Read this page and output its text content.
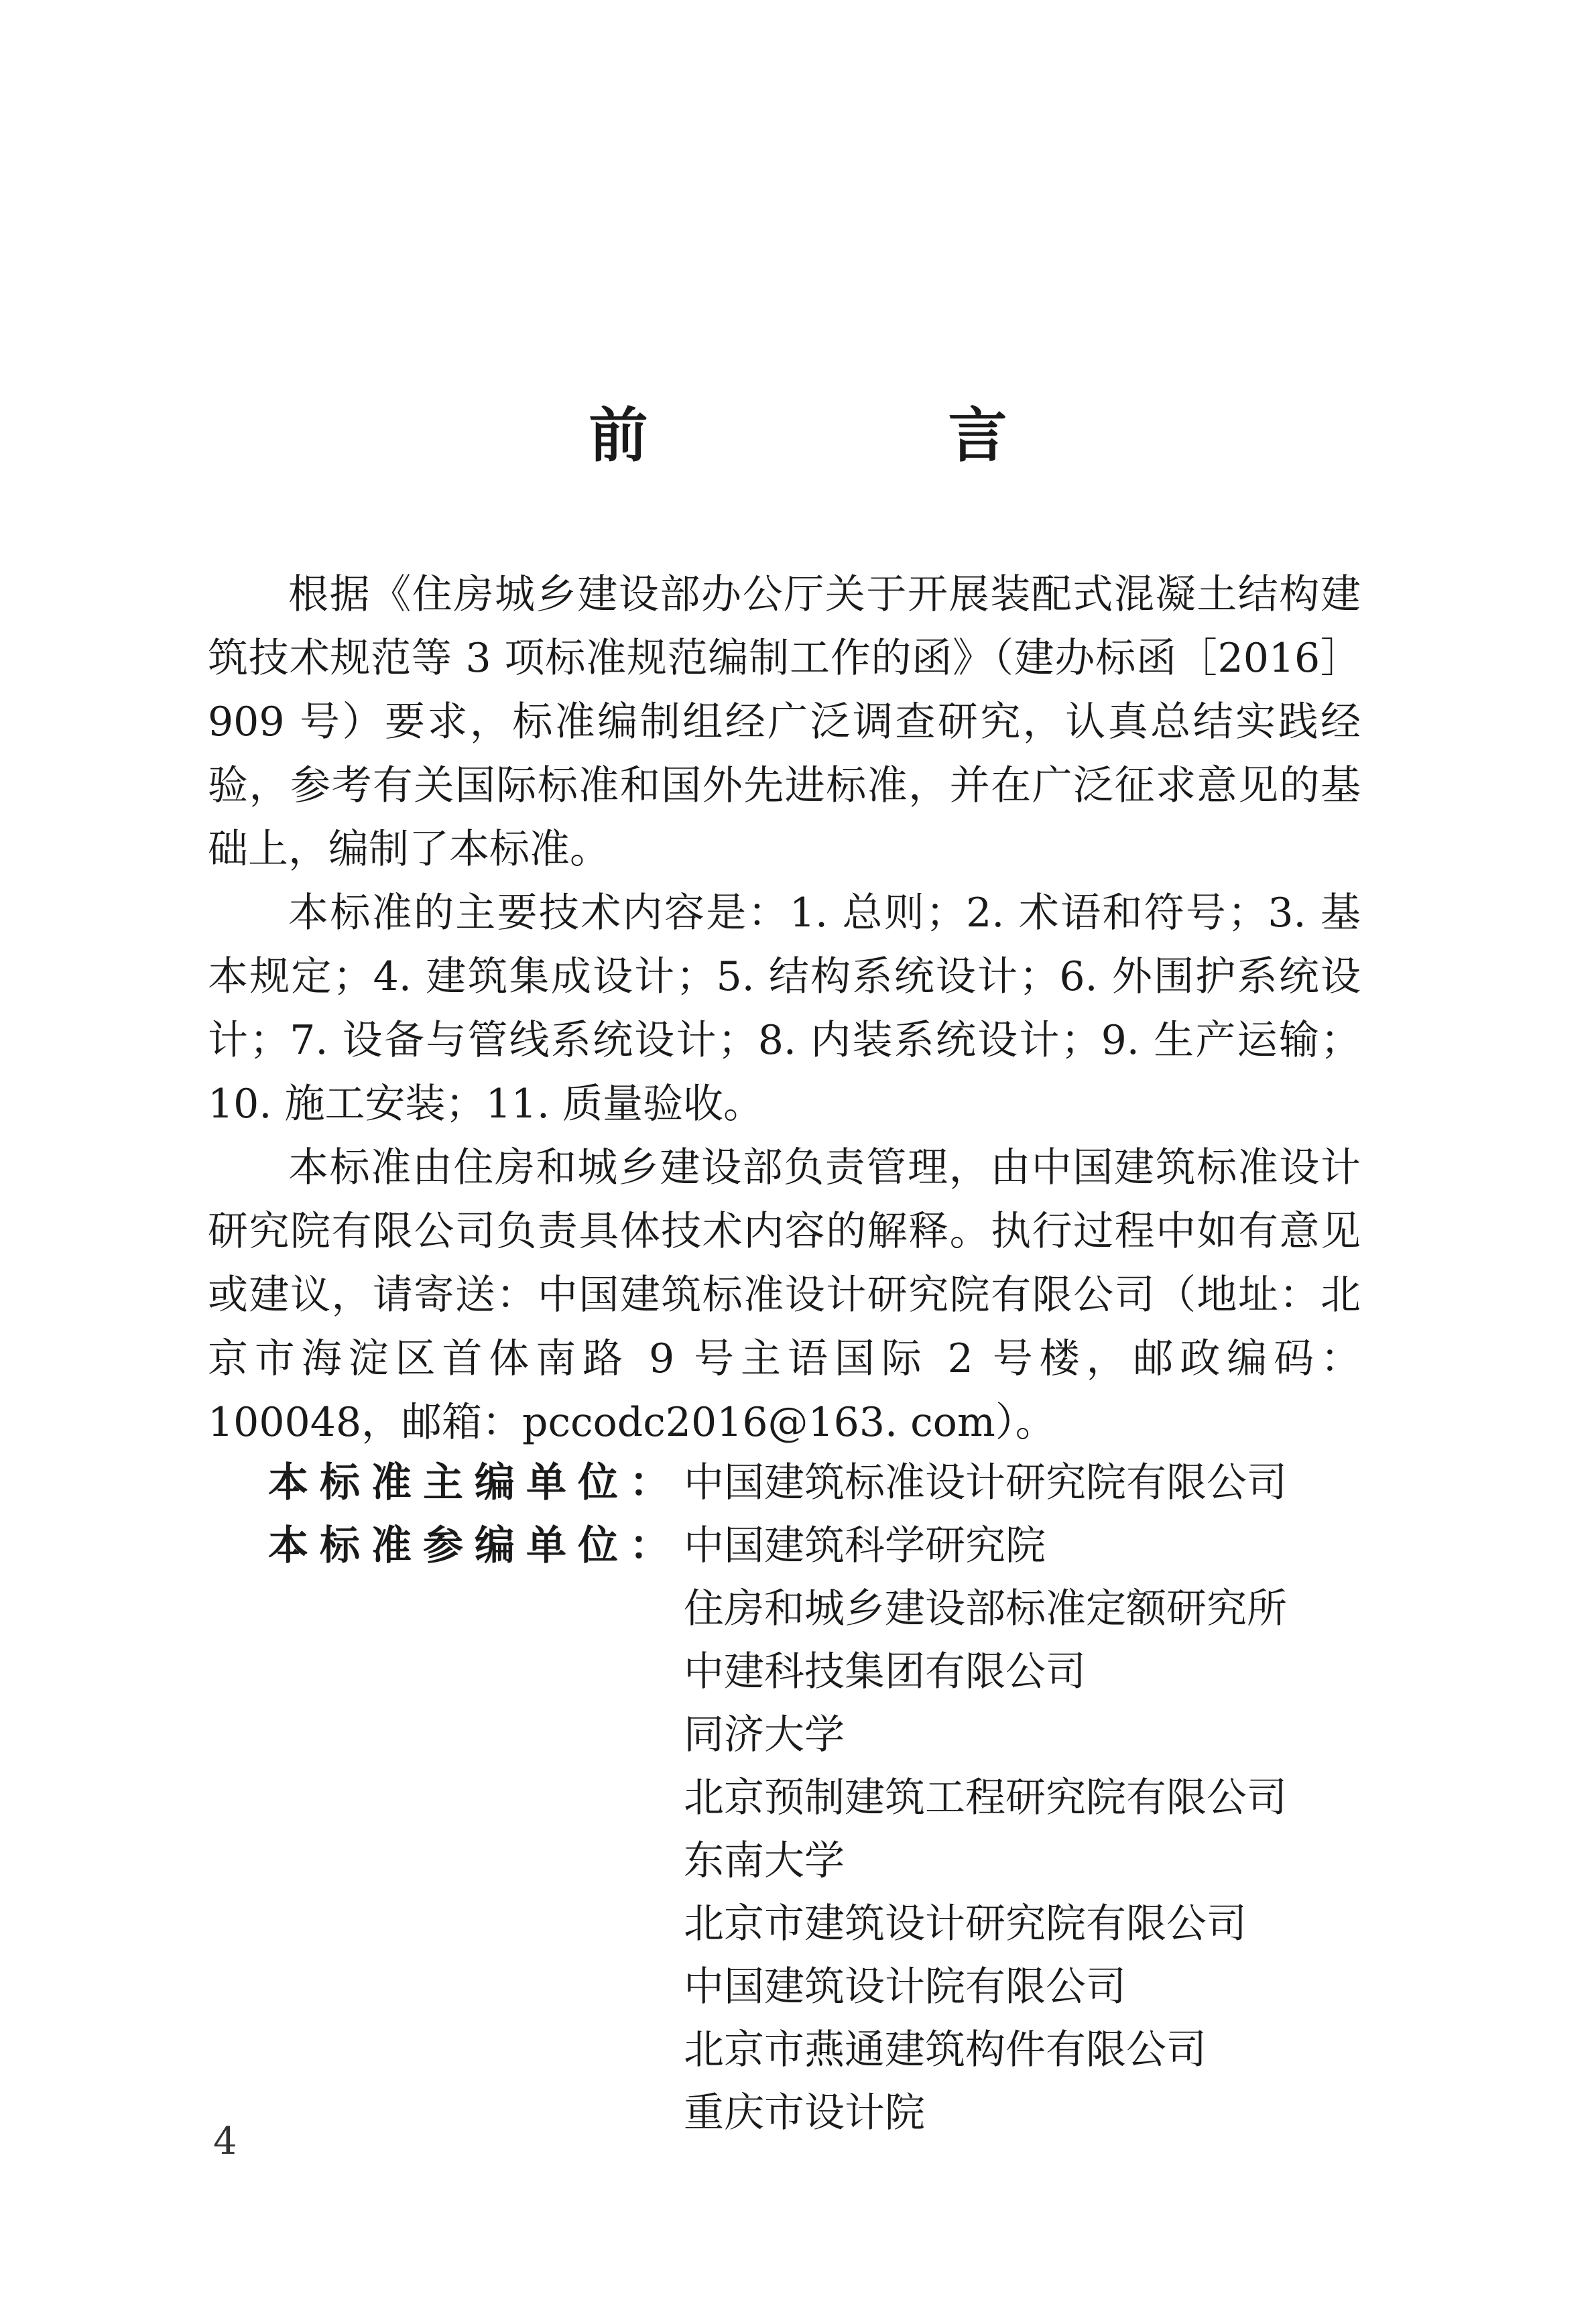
前　言

根据《住房城乡建设部办公厅关于开展装配式混凝土结构建筑技术规范等 3 项标准规范编制工作的函》（建办标函［2016］909 号）要求，标准编制组经广泛调查研究，认真总结实践经验，参考有关国际标准和国外先进标准，并在广泛征求意见的基础上，编制了本标准。

本标准的主要技术内容是：1. 总则；2. 术语和符号；3. 基本规定；4. 建筑集成设计；5. 结构系统设计；6. 外围护系统设计；7. 设备与管线系统设计；8. 内装系统设计；9. 生产运输；10. 施工安装；11. 质量验收。

本标准由住房和城乡建设部负责管理，由中国建筑标准设计研究院有限公司负责具体技术内容的解释。执行过程中如有意见或建议，请寄送：中国建筑标准设计研究院有限公司（地址：北京市海淀区首体南路 9 号主语国际 2 号楼，邮政编码：100048，邮箱：pccodc2016@163. com）。

本标准主编单位： 中国建筑标准设计研究院有限公司
本标准参编单位： 中国建筑科学研究院
住房和城乡建设部标准定额研究所
中建科技集团有限公司
同济大学
北京预制建筑工程研究院有限公司
东南大学
北京市建筑设计研究院有限公司
中国建筑设计院有限公司
北京市燕通建筑构件有限公司
重庆市设计院
4
